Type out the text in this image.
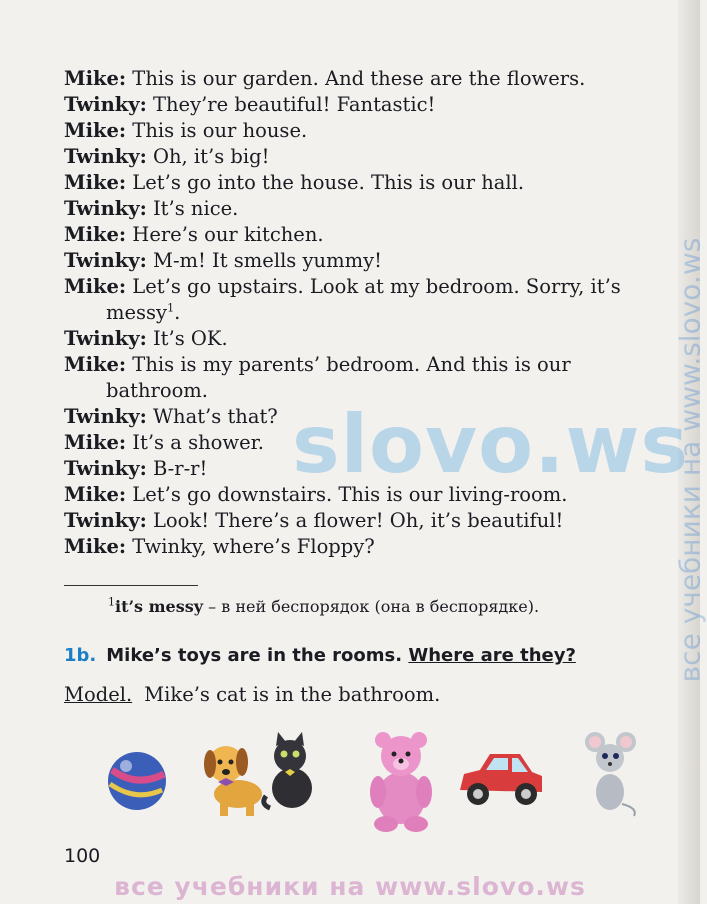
slovo.ws
все учебники на www.slovo.ws
Mike: This is our garden. And these are the flowers.
Twinky: They’re beautiful! Fantastic!
Mike: This is our house.
Twinky: Oh, it’s big!
Mike: Let’s go into the house. This is our hall.
Twinky: It’s nice.
Mike: Here’s our kitchen.
Twinky: M-m! It smells yummy!
Mike: Let’s go upstairs. Look at my bedroom. Sorry, it’s messy$^1$.
Twinky: It’s OK.
Mike: This is my parents’ bedroom. And this is our bathroom.
Twinky: What’s that?
Mike: It’s a shower.
Twinky: B-r-r!
Mike: Let’s go downstairs. This is our living-room.
Twinky: Look! There’s a flower! Oh, it’s beautiful!
Mike: Twinky, where’s Floppy?
$^1$it’s messy – в ней беспорядок (она в беспорядке).
1b. Mike’s toys are in the rooms. Where are they?
Model. Mike’s cat is in the bathroom.
100
все учебники на www.slovo.ws
